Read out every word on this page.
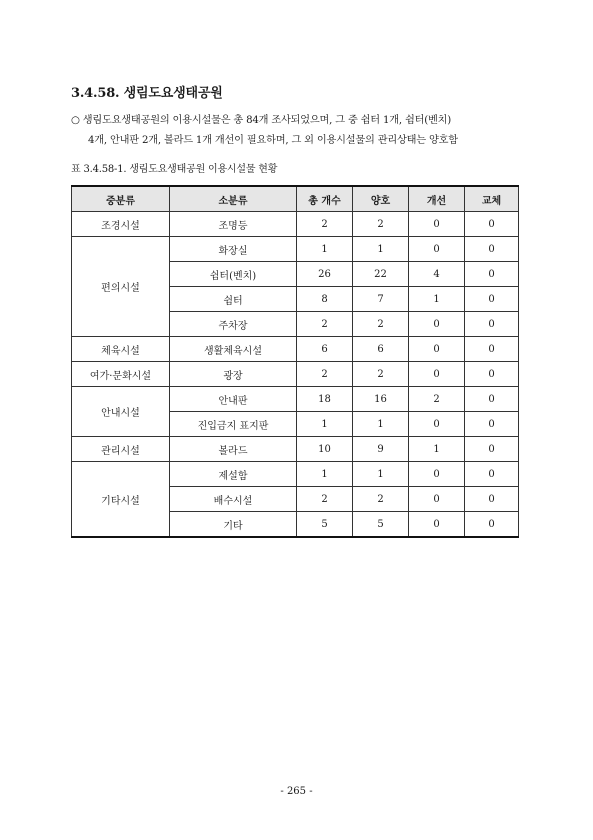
3.4.58. 생림도요생태공원
○ 생림도요생태공원의 이용시설물은 총 84개 조사되었으며, 그 중 쉼터 1개, 쉼터(벤치)
4개, 안내판 2개, 볼라드 1개 개선이 필요하며, 그 외 이용시설물의 관리상태는 양호함
표 3.4.58-1. 생림도요생태공원 이용시설물 현황
중분류	소분류	총 개수	양호	개선	교체
조경시설	조명등	2	2	0	0
편의시설	화장실	1	1	0	0
	쉼터(벤치)	26	22	4	0
	쉼터	8	7	1	0
	주차장	2	2	0	0
체육시설	생활체육시설	6	6	0	0
여가·문화시설	광장	2	2	0	0
안내시설	안내판	18	16	2	0
	진입금지 표지판	1	1	0	0
관리시설	볼라드	10	9	1	0
기타시설	제설함	1	1	0	0
	배수시설	2	2	0	0
	기타	5	5	0	0
- 265 -
